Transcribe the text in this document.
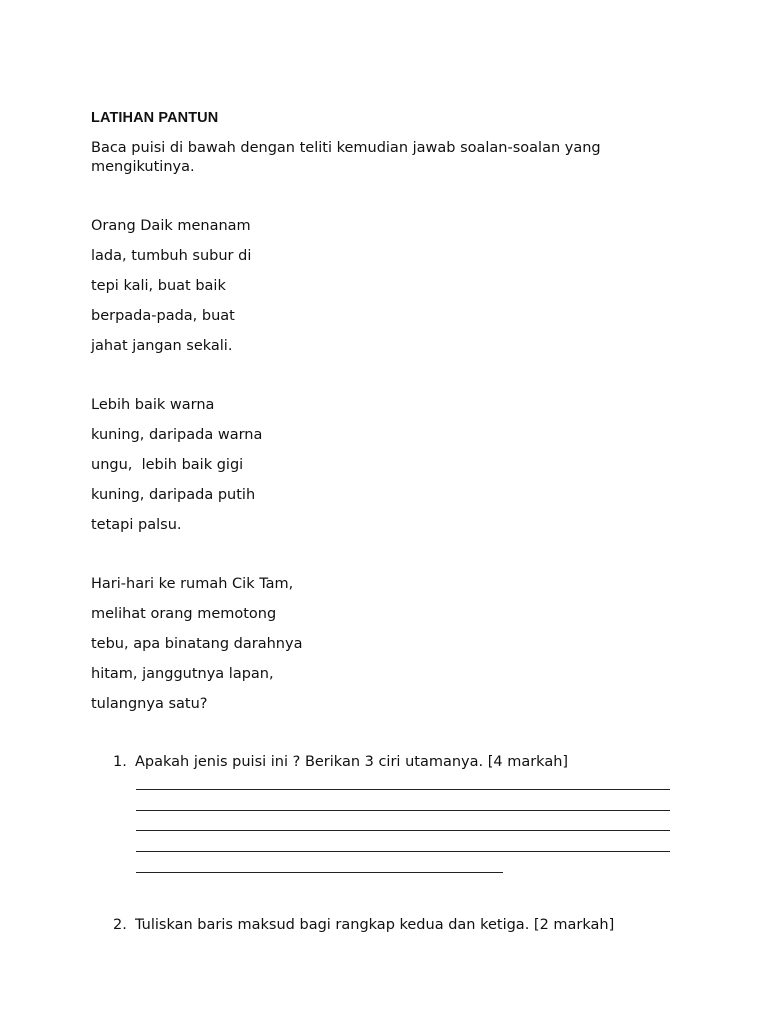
LATIHAN PANTUN

Baca puisi di bawah dengan teliti kemudian jawab soalan-soalan yang mengikutinya.

Orang Daik menanam

lada, tumbuh subur di

tepi kali, buat baik

berpada-pada, buat

jahat jangan sekali.

Lebih baik warna

kuning, daripada warna

ungu,  lebih baik gigi

kuning, daripada putih

tetapi palsu.

Hari-hari ke rumah Cik Tam,

melihat orang memotong

tebu, apa binatang darahnya

hitam, janggutnya lapan,

tulangnya satu?

1. Apakah jenis puisi ini ? Berikan 3 ciri utamanya. [4 markah]
2. Tuliskan baris maksud bagi rangkap kedua dan ketiga. [2 markah]
